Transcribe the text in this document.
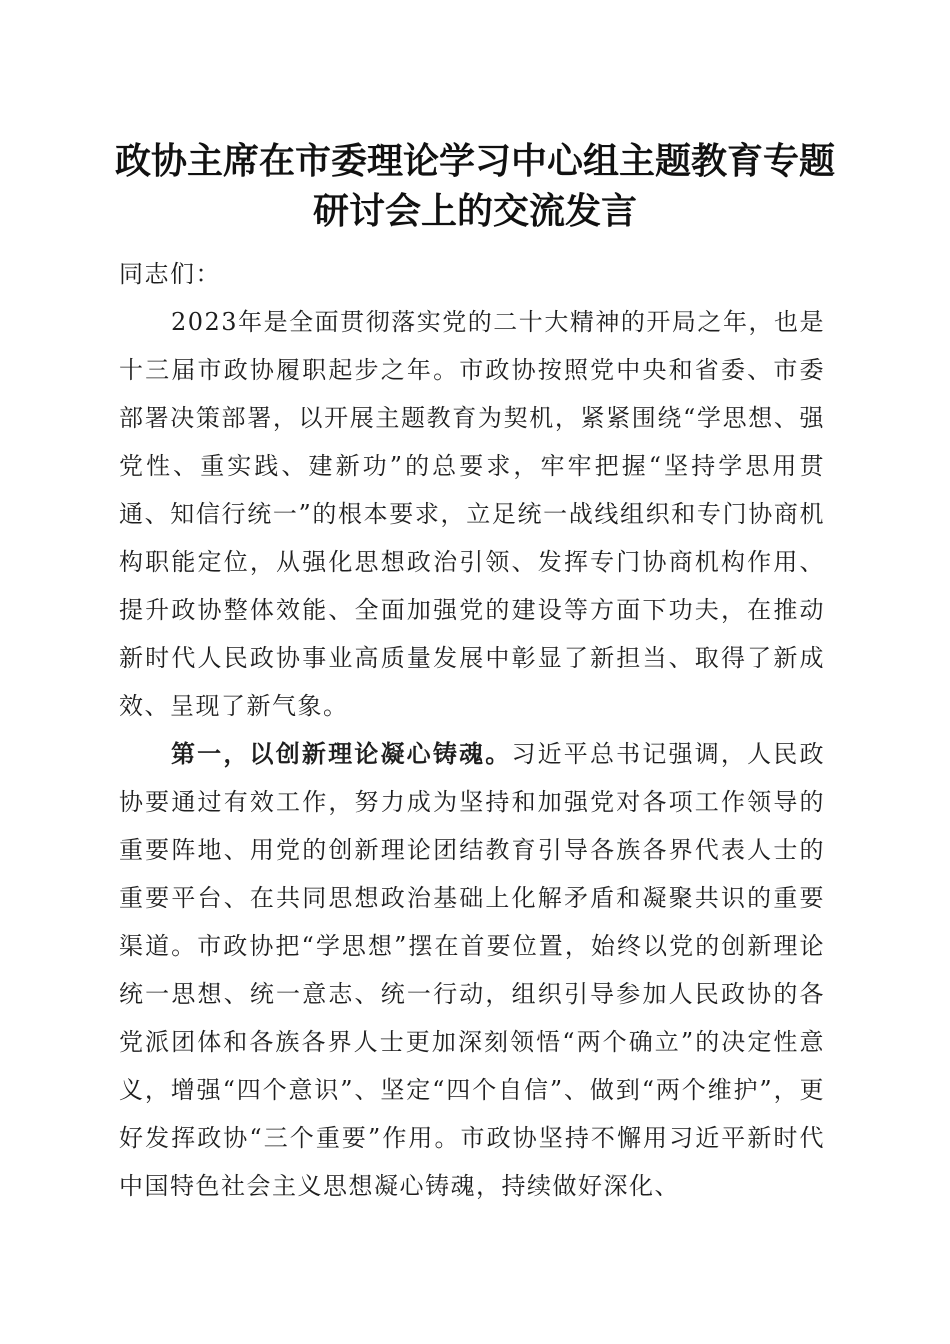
政协主席在市委理论学习中心组主题教育专题
研讨会上的交流发言

同志们：

2023年是全面贯彻落实党的二十大精神的开局之年，也是十三届市政协履职起步之年。市政协按照党中央和省委、市委部署决策部署，以开展主题教育为契机，紧紧围绕“学思想、强党性、重实践、建新功”的总要求，牢牢把握“坚持学思用贯通、知信行统一”的根本要求，立足统一战线组织和专门协商机构职能定位，从强化思想政治引领、发挥专门协商机构作用、提升政协整体效能、全面加强党的建设等方面下功夫，在推动新时代人民政协事业高质量发展中彰显了新担当、取得了新成效、呈现了新气象。

第一，以创新理论凝心铸魂。习近平总书记强调，人民政协要通过有效工作，努力成为坚持和加强党对各项工作领导的重要阵地、用党的创新理论团结教育引导各族各界代表人士的重要平台、在共同思想政治基础上化解矛盾和凝聚共识的重要渠道。市政协把“学思想”摆在首要位置，始终以党的创新理论统一思想、统一意志、统一行动，组织引导参加人民政协的各党派团体和各族各界人士更加深刻领悟“两个确立”的决定性意义，增强“四个意识”、坚定“四个自信”、做到“两个维护”，更好发挥政协“三个重要”作用。市政协坚持不懈用习近平新时代中国特色社会主义思想凝心铸魂，持续做好深化、
